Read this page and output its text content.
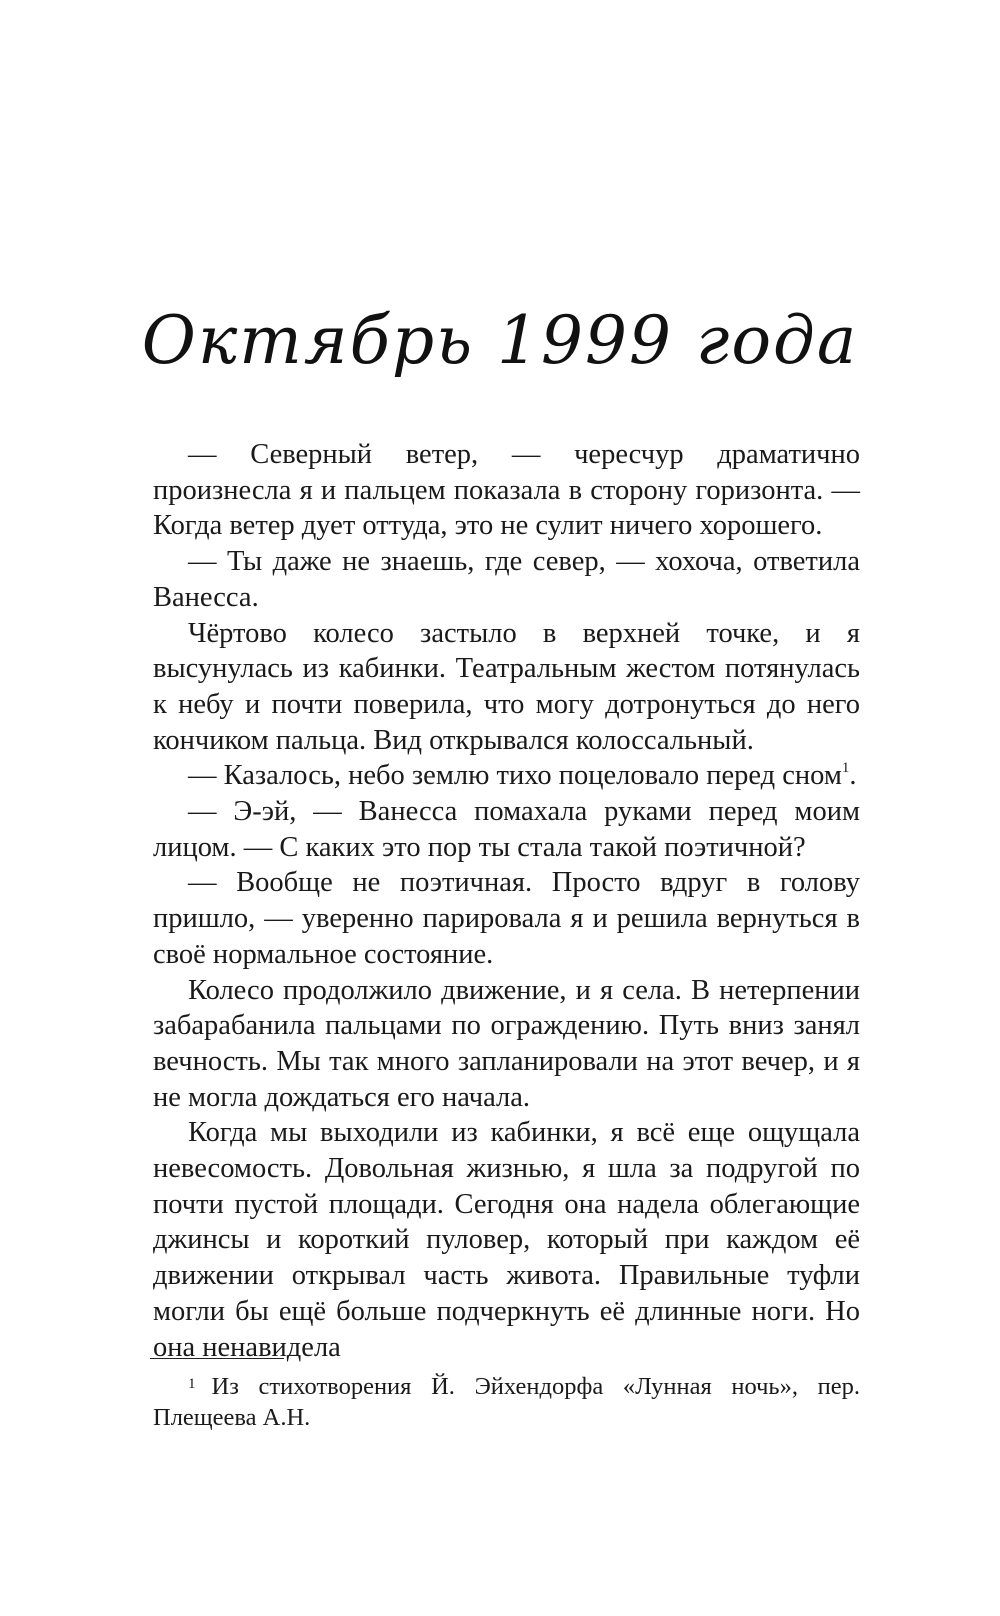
Октябрь 1999 года

— Северный ветер, — чересчур драматично произнесла я и пальцем показала в сторону горизонта. — Когда ветер дует оттуда, это не сулит ничего хорошего.

— Ты даже не знаешь, где север, — хохоча, ответила Ванесса.

Чёртово колесо застыло в верхней точке, и я высунулась из кабинки. Театральным жестом потянулась к небу и почти поверила, что могу дотронуться до него кончиком пальца. Вид открывался колоссальный.

— Казалось, небо землю тихо поцеловало перед сном$^1$.

— Э-эй, — Ванесса помахала руками перед моим лицом. — С каких это пор ты стала такой поэтичной?

— Вообще не поэтичная. Просто вдруг в голову пришло, — уверенно парировала я и решила вернуться в своё нормальное состояние.

Колесо продолжило движение, и я села. В нетерпении забарабанила пальцами по ограждению. Путь вниз занял вечность. Мы так много запланировали на этот вечер, и я не могла дождаться его начала.

Когда мы выходили из кабинки, я всё еще ощущала невесомость. Довольная жизнью, я шла за подругой по почти пустой площади. Сегодня она надела облегающие джинсы и короткий пуловер, который при каждом её движении открывал часть живота. Правильные туфли могли бы ещё больше подчеркнуть её длинные ноги. Но она ненавидела

$^1$ Из стихотворения Й. Эйхендорфа «Лунная ночь», пер. Плещеева А.Н.
